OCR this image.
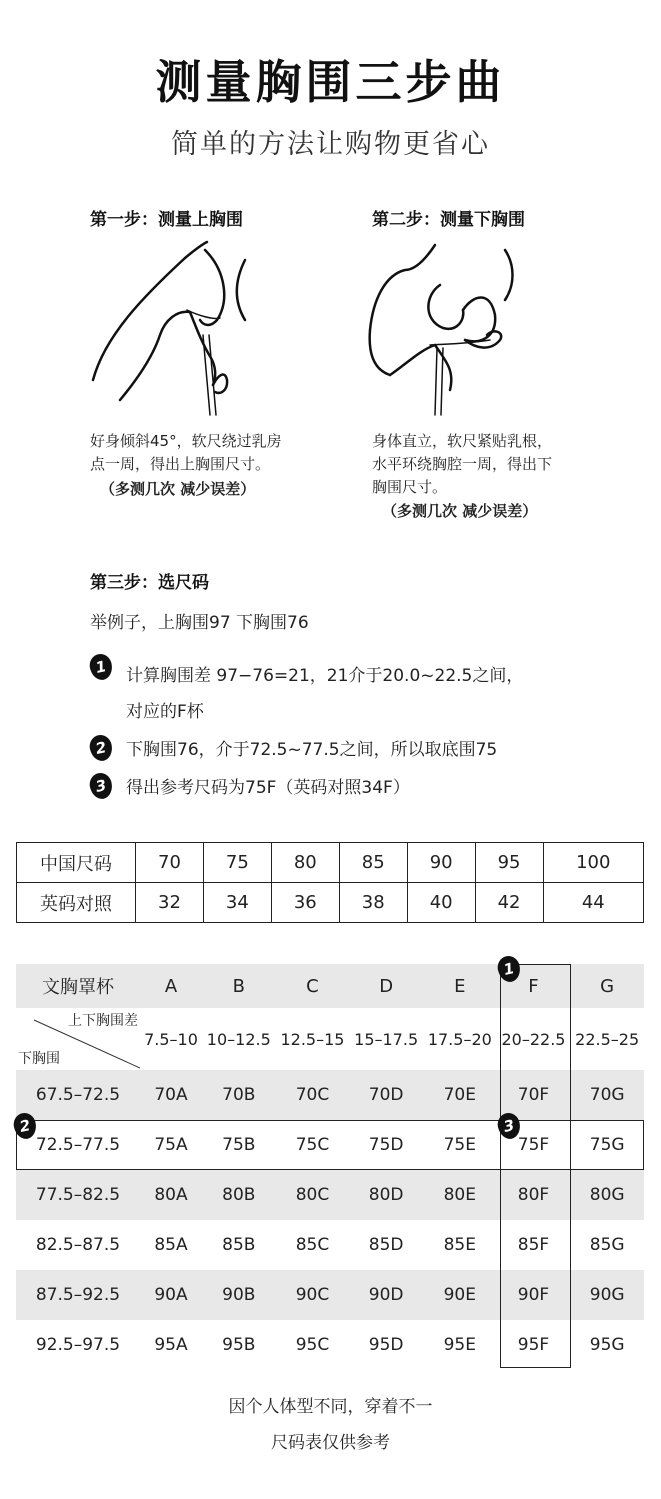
测量胸围三步曲
简单的方法让购物更省心
第一步：测量上胸围
好身倾斜45°，软尺绕过乳房
点一周，得出上胸围尺寸。
（多测几次 减少误差）
第二步：测量下胸围
身体直立，软尺紧贴乳根，
水平环绕胸腔一周，得出下
胸围尺寸。
（多测几次 减少误差）
第三步：选尺码
举例子，上胸围97 下胸围76
1 计算胸围差 97−76=21，21介于20.0~22.5之间，
对应的F杯
2 下胸围76，介于72.5~77.5之间，所以取底围75
3 得出参考尺码为75F（英码对照34F）
中国尺码	70	75	80	85	90	95	100
英码对照	32	34	36	38	40	42	44
文胸罩杯	A	B	C	D	E	F	G

上下胸围差
下胸围	7.5–10	10–12.5	12.5–15	15–17.5	17.5–20	20–22.5	22.5–25
67.5–72.5	70A	70B	70C	70D	70E	70F	70G
72.5–77.5	75A	75B	75C	75D	75E	75F	75G
77.5–82.5	80A	80B	80C	80D	80E	80F	80G
82.5–87.5	85A	85B	85C	85D	85E	85F	85G
87.5–92.5	90A	90B	90C	90D	90E	90F	90G
92.5–97.5	95A	95B	95C	95D	95E	95F	95G
1
2	3
因个人体型不同，穿着不一
尺码表仅供参考
